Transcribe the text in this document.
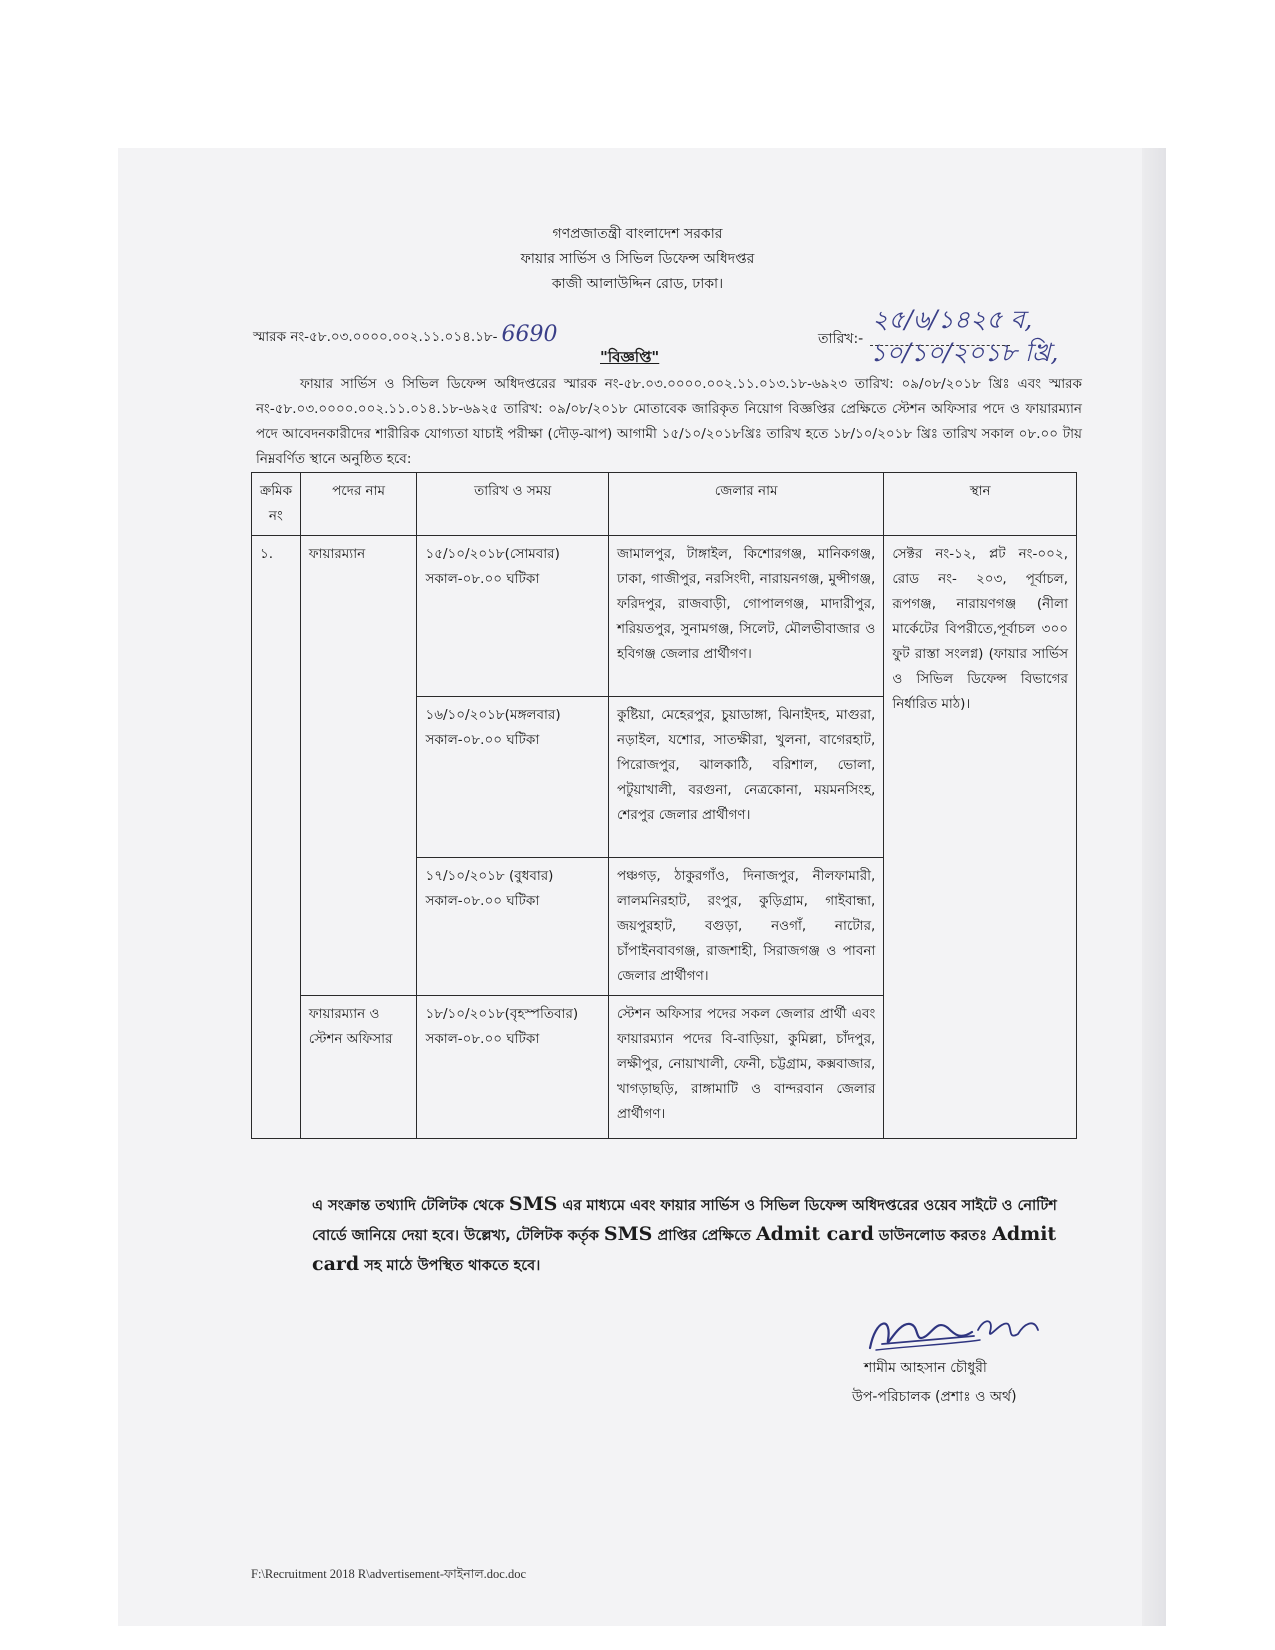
গণপ্রজাতন্ত্রী বাংলাদেশ সরকার
ফায়ার সার্ভিস ও সিভিল ডিফেন্স অধিদপ্তর
কাজী আলাউদ্দিন রোড, ঢাকা।
স্মারক নং-৫৮.০৩.০০০০.০০২.১১.০১৪.১৮- 6690	তারিখ:-
২৫/৬/১৪২৫ ব,
১০/১০/২০১৮ খ্রি,
"বিজ্ঞপ্তি"

ফায়ার সার্ভিস ও সিভিল ডিফেন্স অধিদপ্তরের স্মারক নং-৫৮.০৩.০০০০.০০২.১১.০১৩.১৮-৬৯২৩ তারিখ: ০৯/০৮/২০১৮ খ্রিঃ এবং স্মারক নং-৫৮.০৩.০০০০.০০২.১১.০১৪.১৮-৬৯২৫ তারিখ: ০৯/০৮/২০১৮ মোতাবেক জারিকৃত নিয়োগ বিজ্ঞপ্তির প্রেক্ষিতে স্টেশন অফিসার পদে ও ফায়ারম্যান পদে আবেদনকারীদের শারীরিক যোগ্যতা যাচাই পরীক্ষা (দৌড়-ঝাপ) আগামী ১৫/১০/২০১৮খ্রিঃ তারিখ হতে ১৮/১০/২০১৮ খ্রিঃ তারিখ সকাল ০৮.০০ টায় নিম্নবর্ণিত স্থানে অনুষ্ঠিত হবে:

ক্রমিক নং	পদের নাম	তারিখ ও সময়	জেলার নাম	স্থান
১.	ফায়ারম্যান	১৫/১০/২০১৮(সোমবার)
সকাল-০৮.০০ ঘটিকা	জামালপুর, টাঙ্গাইল, কিশোরগঞ্জ, মানিকগঞ্জ, ঢাকা, গাজীপুর, নরসিংদী, নারায়নগঞ্জ, মুন্সীগঞ্জ, ফরিদপুর, রাজবাড়ী, গোপালগঞ্জ, মাদারীপুর, শরিয়তপুর, সুনামগঞ্জ, সিলেট, মৌলভীবাজার ও হবিগঞ্জ জেলার প্রার্থীগণ।	সেক্টর নং-১২, প্লট নং-০০২, রোড নং- ২০৩, পূর্বাচল, রূপগঞ্জ, নারায়ণগঞ্জ (নীলা মার্কেটের বিপরীতে,পূর্বাচল ৩০০ ফুট রাস্তা সংলগ্ন) (ফায়ার সার্ভিস ও সিভিল ডিফেন্স বিভাগের নির্ধারিত মাঠ)।

		১৬/১০/২০১৮(মঙ্গলবার)
সকাল-০৮.০০ ঘটিকা	কুষ্টিয়া, মেহেরপুর, চুয়াডাঙ্গা, ঝিনাইদহ, মাগুরা, নড়াইল, যশোর, সাতক্ষীরা, খুলনা, বাগেরহাট, পিরোজপুর, ঝালকাঠি, বরিশাল, ভোলা, পটুয়াখালী, বরগুনা, নেত্রকোনা, ময়মনসিংহ, শেরপুর জেলার প্রার্থীগণ।	

		১৭/১০/২০১৮ (বুধবার)
সকাল-০৮.০০ ঘটিকা	পঞ্চগড়, ঠাকুরগাঁও, দিনাজপুর, নীলফামারী, লালমনিরহাট, রংপুর, কুড়িগ্রাম, গাইবান্ধা, জয়পুরহাট, বগুড়া, নওগাঁ, নাটোর, চাঁপাইনবাবগঞ্জ, রাজশাহী, সিরাজগঞ্জ ও পাবনা জেলার প্রার্থীগণ।	
	ফায়ারম্যান ও স্টেশন অফিসার	১৮/১০/২০১৮(বৃহস্পতিবার)
সকাল-০৮.০০ ঘটিকা	স্টেশন অফিসার পদের সকল জেলার প্রার্থী এবং ফায়ারম্যান পদের বি-বাড়িয়া, কুমিল্লা, চাঁদপুর, লক্ষীপুর, নোয়াখালী, ফেনী, চট্টগ্রাম, কক্সবাজার, খাগড়াছড়ি, রাঙ্গামাটি ও বান্দরবান জেলার প্রার্থীগণ।	
এ সংক্রান্ত তথ্যাদি টেলিটক থেকে SMS এর মাধ্যমে এবং ফায়ার সার্ভিস ও সিভিল ডিফেন্স অধিদপ্তরের ওয়েব সাইটে ও নোটিশ বোর্ডে জানিয়ে দেয়া হবে। উল্লেখ্য, টেলিটক কর্তৃক SMS প্রাপ্তির প্রেক্ষিতে Admit card ডাউনলোড করতঃ Admit card সহ মাঠে উপস্থিত থাকতে হবে।
শামীম আহসান চৌধুরী
উপ-পরিচালক (প্রশাঃ ও অর্থ)
F:\Recruitment 2018 R\advertisement-ফাইনাল.doc.doc
